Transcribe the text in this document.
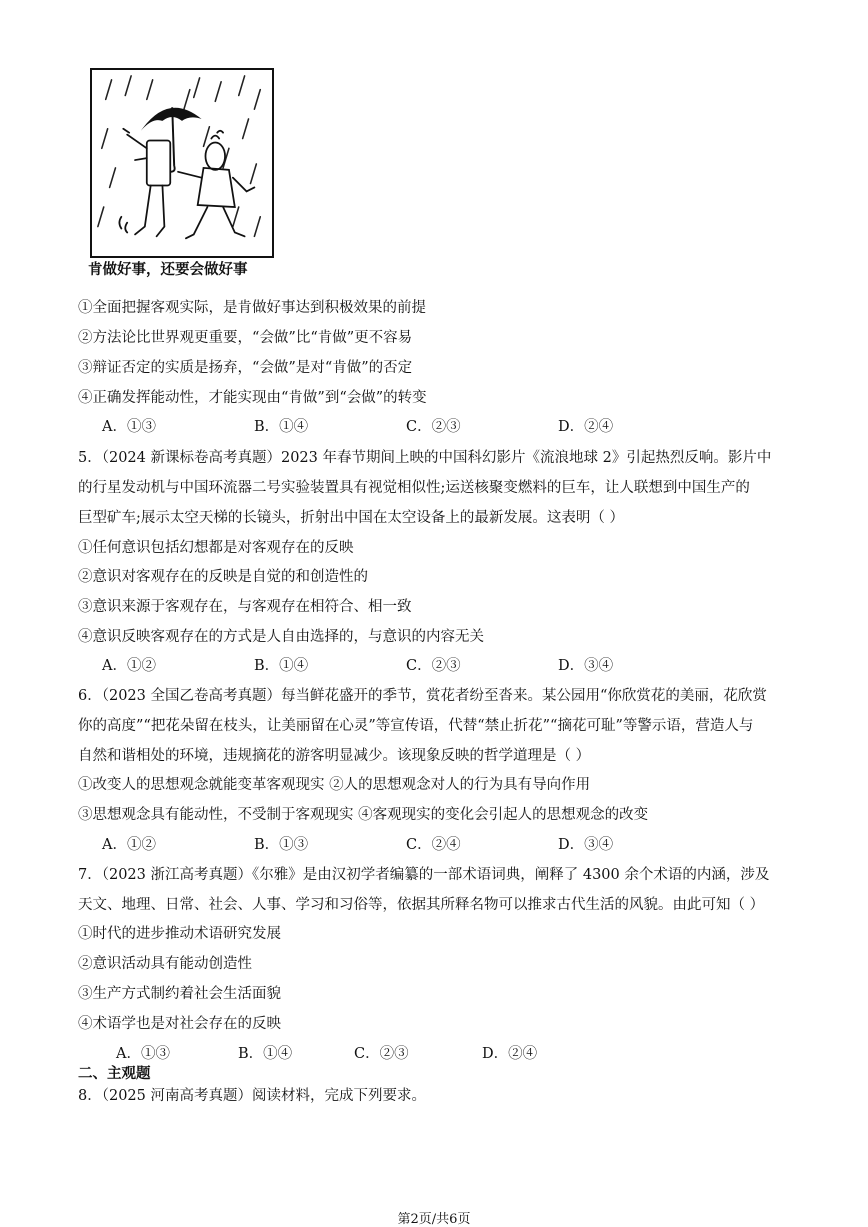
肯做好事，还要会做好事
①全面把握客观实际，是肯做好事达到积极效果的前提
②方法论比世界观更重要，“会做”比“肯做”更不容易
③辩证否定的实质是扬弃，“会做”是对“肯做”的否定
④正确发挥能动性，才能实现由“肯做”到“会做”的转变
A．①③	B．①④	C．②③	D．②④
5．（2024 新课标卷高考真题）2023 年春节期间上映的中国科幻影片《流浪地球 2》引起热烈反响。影片中
的行星发动机与中国环流器二号实验装置具有视觉相似性;运送核聚变燃料的巨车，让人联想到中国生产的
巨型矿车;展示太空天梯的长镜头，折射出中国在太空设备上的最新发展。这表明（ ）
①任何意识包括幻想都是对客观存在的反映
②意识对客观存在的反映是自觉的和创造性的
③意识来源于客观存在，与客观存在相符合、相一致
④意识反映客观存在的方式是人自由选择的，与意识的内容无关
A．①②	B．①④	C．②③	D．③④
6．（2023 全国乙卷高考真题）每当鲜花盛开的季节，赏花者纷至沓来。某公园用“你欣赏花的美丽，花欣赏
你的高度”“把花朵留在枝头，让美丽留在心灵”等宣传语，代替“禁止折花”“摘花可耻”等警示语，营造人与
自然和谐相处的环境，违规摘花的游客明显减少。该现象反映的哲学道理是（ ）
①改变人的思想观念就能变革客观现实 ②人的思想观念对人的行为具有导向作用
③思想观念具有能动性，不受制于客观现实 ④客观现实的变化会引起人的思想观念的改变
A．①②	B．①③	C．②④	D．③④
7．（2023 浙江高考真题）《尔雅》是由汉初学者编纂的一部术语词典，阐释了 4300 余个术语的内涵，涉及
天文、地理、日常、社会、人事、学习和习俗等，依据其所释名物可以推求古代生活的风貌。由此可知（ ）
①时代的进步推动术语研究发展
②意识活动具有能动创造性
③生产方式制约着社会生活面貌
④术语学也是对社会存在的反映
A．①③	B．①④	C．②③	D．②④
二、主观题
8．（2025 河南高考真题）阅读材料，完成下列要求。
第2页/共6页
